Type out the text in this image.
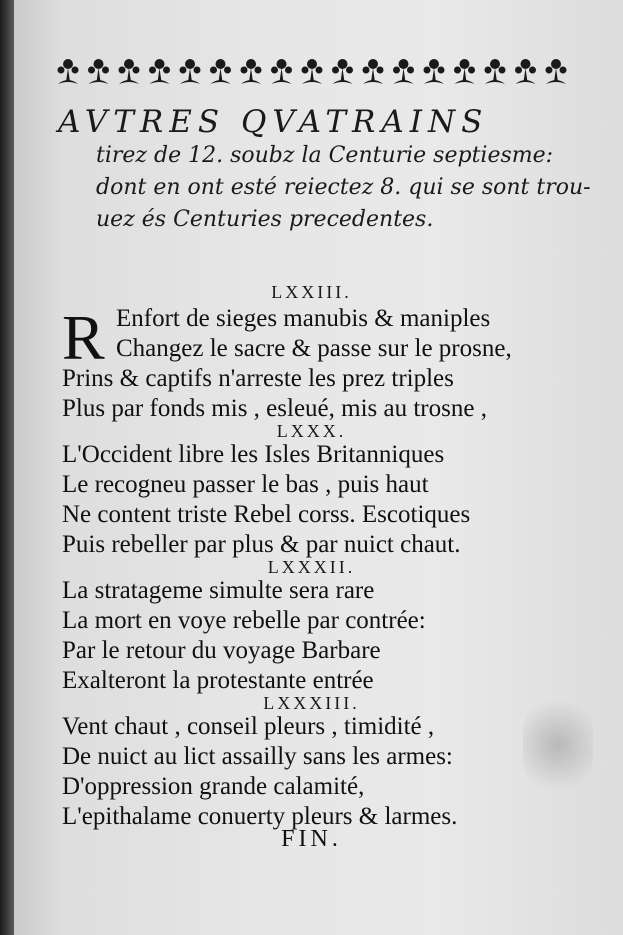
AVTRES QVATRAINS
tirez de 12. soubz la Centurie septiesme:
dont en ont esté reiectez 8. qui se sont trou-
uez és Centuries precedentes.
LXXIII.
R Enfort de sieges manubis & maniples
Changez le sacre & passe sur le prosne,
Prins & captifs n'arreste les prez triples
Plus par fonds mis , esleué, mis au trosne ,
LXXX.
L'Occident libre les Isles Britanniques
Le recogneu passer le bas , puis haut
Ne content triste Rebel corss. Escotiques
Puis rebeller par plus & par nuict chaut.
LXXXII.
La stratageme simulte sera rare
La mort en voye rebelle par contrée:
Par le retour du voyage Barbare
Exalteront la protestante entrée
LXXXIII.
Vent chaut , conseil pleurs , timidité ,
De nuict au lict assailly sans les armes:
D'oppression grande calamité,
L'epithalame conuerty pleurs & larmes.
FIN.
